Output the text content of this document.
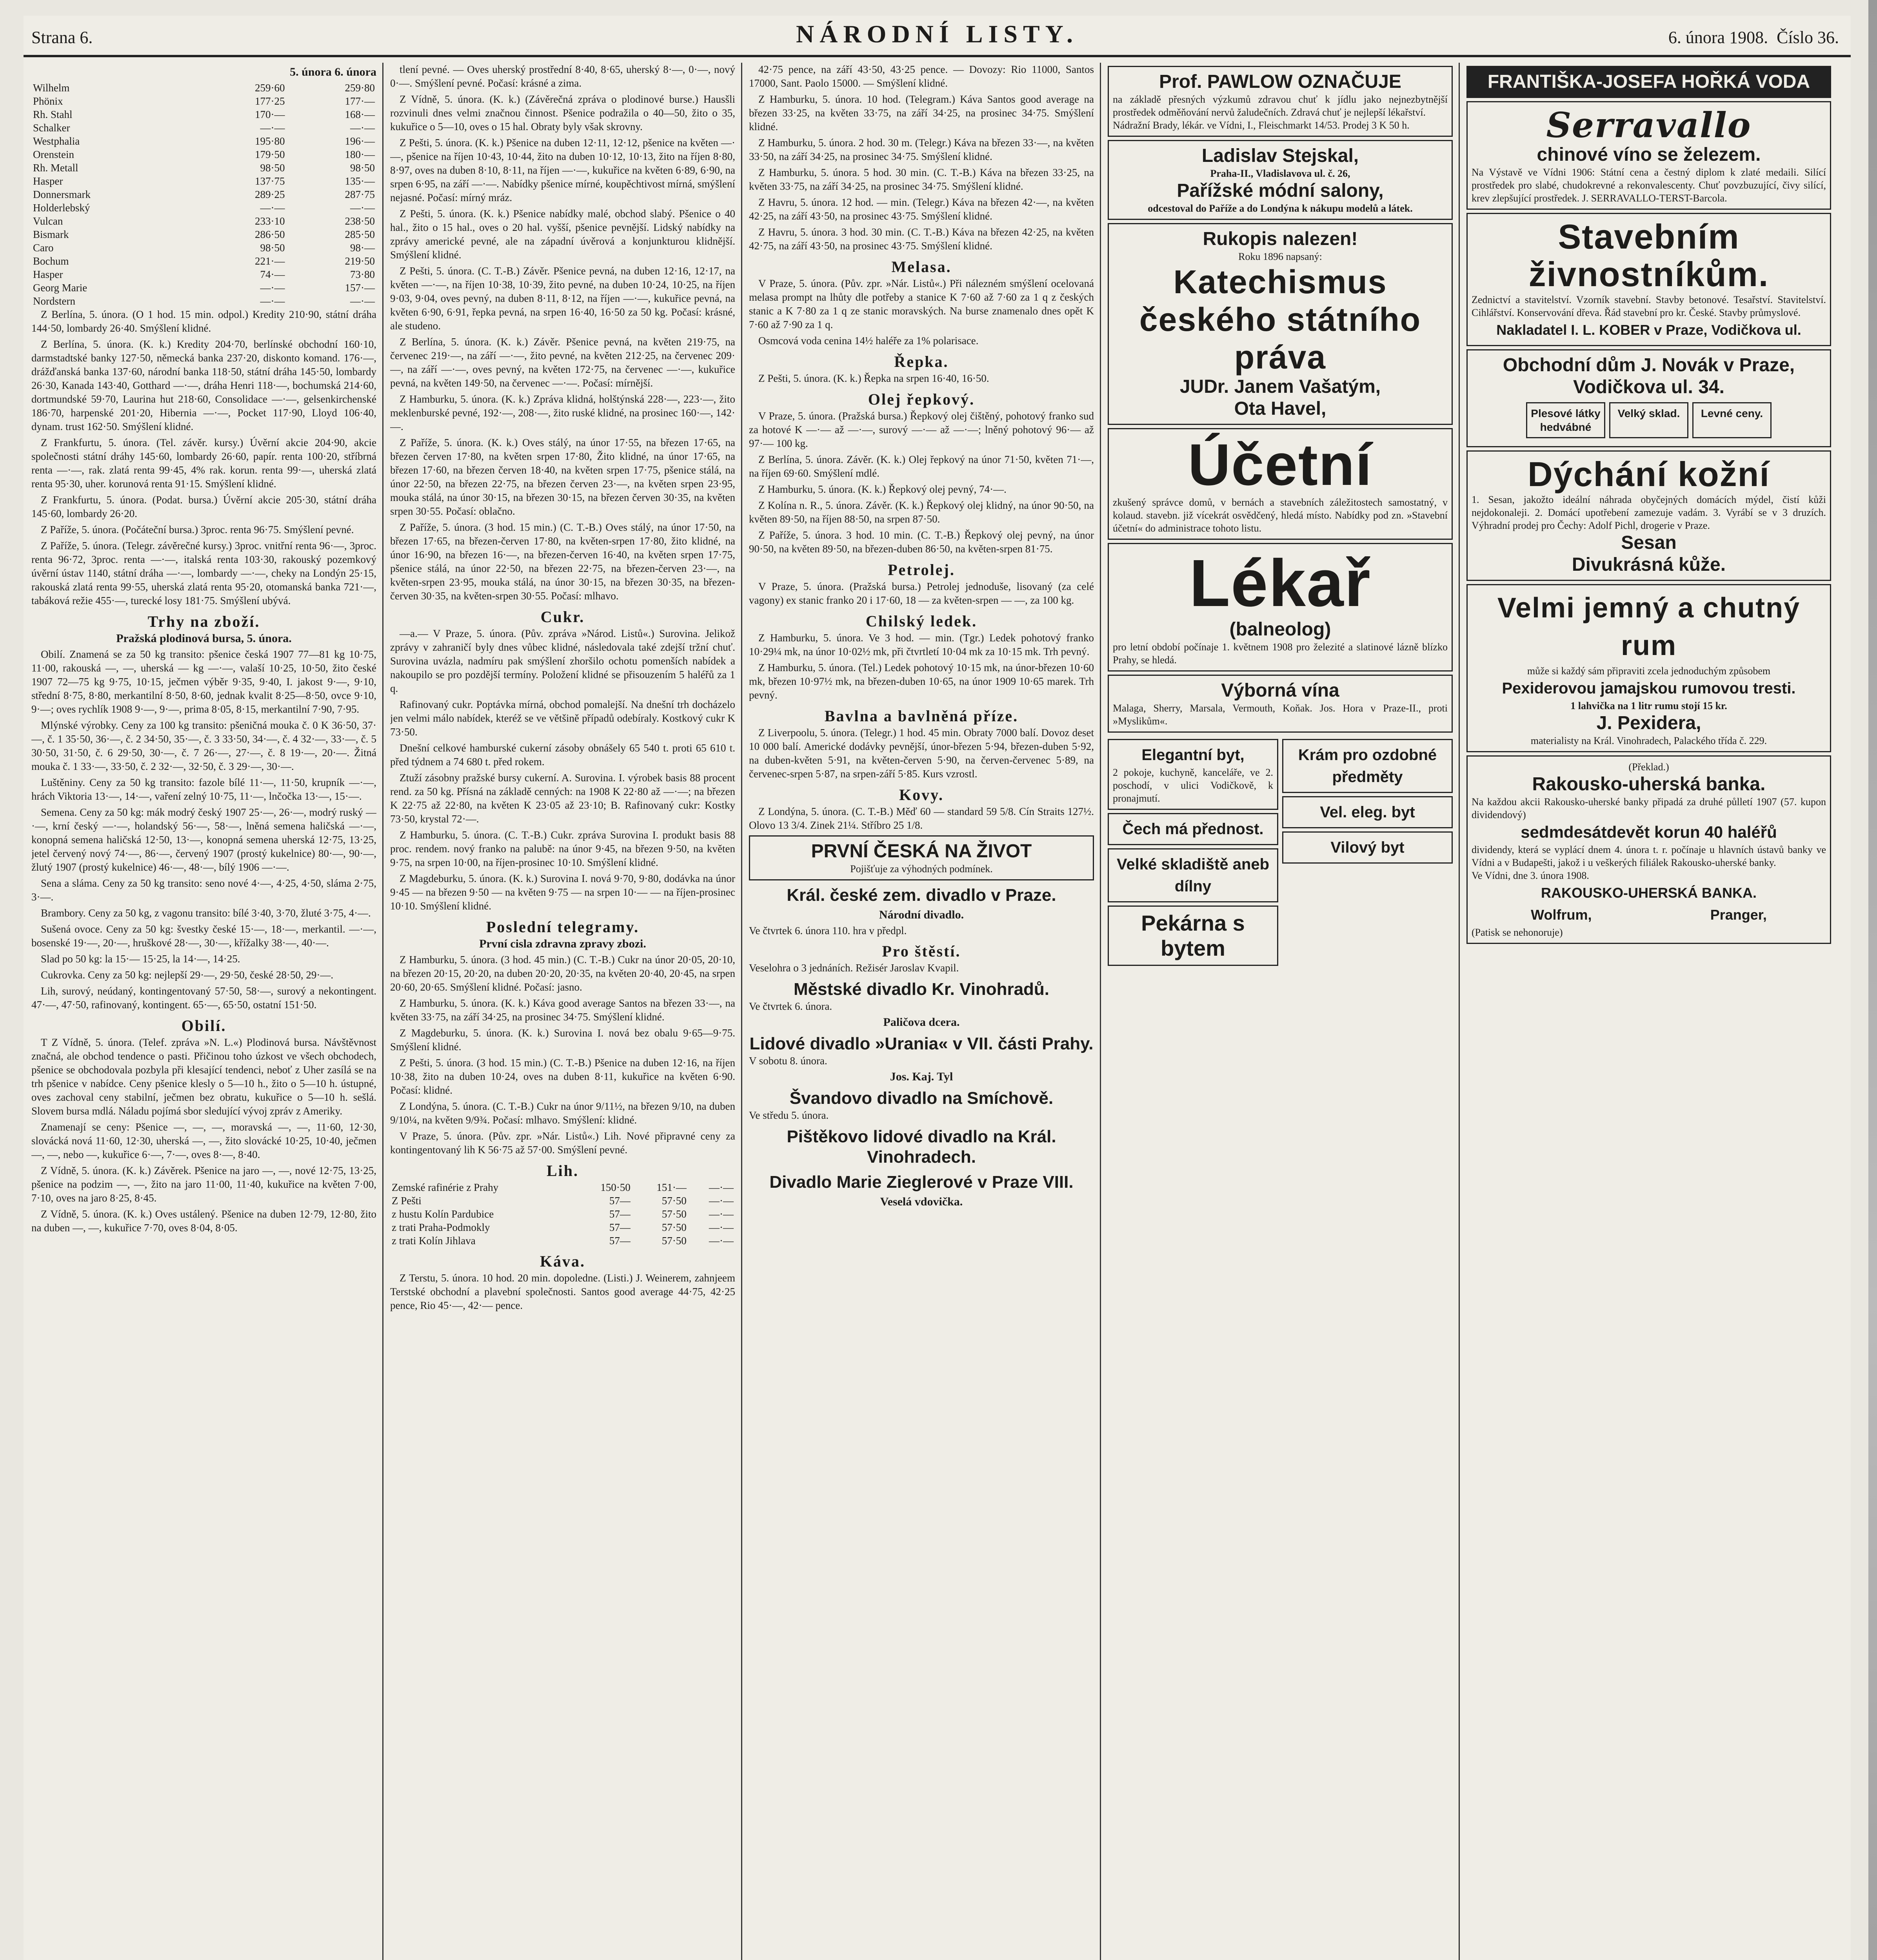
Strana 6.	NÁRODNÍ LISTY.	6. února 1908. Číslo 36.
5. února 6. února
Wilhelm	259·60	259·80
Phönix	177·25	177·—
Rh. Stahl	170·—	168·—
Schalker	—·—	—·—
Westphalia	195·80	196·—
Orenstein	179·50	180·—
Rh. Metall	98·50	98·50
Hasper	137·75	135·—
Donnersmark	289·25	287·75
Holderlebský	—·—	—·—
Vulcan	233·10	238·50
Bismark	286·50	285·50
Caro	98·50	98·—
Bochum	221·—	219·50
Hasper	74·—	73·80
Georg Marie	—·—	157·—
Nordstern	—·—	—·—

Z Berlína, 5. února. (O 1 hod. 15 min. odpol.) Kredity 210·90, státní dráha 144·50, lombardy 26·40. Smýšlení klidné.

Z Berlína, 5. února. (K. k.) Kredity 204·70, berlínské obchodní 160·10, darmstadtské banky 127·50, německá banka 237·20, diskonto komand. 176·—, drážďanská banka 137·60, národní banka 118·50, státní dráha 145·50, lombardy 26·30, Kanada 143·40, Gotthard —·—, dráha Henri 118·—, bochumská 214·60, dortmundské 59·70, Laurina hut 218·60, Consolidace —·—, gelsenkirchenské 186·70, harpenské 201·20, Hibernia —·—, Pocket 117·90, Lloyd 106·40, dynam. trust 162·50. Smýšlení klidné.

Z Frankfurtu, 5. února. (Tel. závěr. kursy.) Úvěrní akcie 204·90, akcie společnosti státní dráhy 145·60, lombardy 26·60, papír. renta 100·20, stříbrná renta —·—, rak. zlatá renta 99·45, 4% rak. korun. renta 99·—, uherská zlatá renta 95·30, uher. korunová renta 91·15. Smýšlení klidné.

Z Frankfurtu, 5. února. (Podat. bursa.) Úvěrní akcie 205·30, státní dráha 145·60, lombardy 26·20.

Z Paříže, 5. února. (Počáteční bursa.) 3proc. renta 96·75. Smýšlení pevné.

Z Paříže, 5. února. (Telegr. závěrečné kursy.) 3proc. vnitřní renta 96·—, 3proc. renta 96·72, 3proc. renta —·—, italská renta 103·30, rakouský pozemkový úvěrní ústav 1140, státní dráha —·—, lombardy —·—, cheky na Londýn 25·15, rakouská zlatá renta 99·55, uherská zlatá renta 95·20, otomanská banka 721·—, tabáková režie 455·—, turecké losy 181·75. Smýšlení ubývá.

Trhy na zboží.
Pražská plodinová bursa, 5. února.

Obilí. Znamená se za 50 kg transito: pšenice česká 1907 77—81 kg 10·75, 11·00, rakouská —, —, uherská — kg —·—, valaší 10·25, 10·50, žito české 1907 72—75 kg 9·75, 10·15, ječmen výběr 9·35, 9·40, I. jakost 9·—, 9·10, střední 8·75, 8·80, merkantilní 8·50, 8·60, jednak kvalit 8·25—8·50, ovce 9·10, 9·—; oves rychlík 1908 9·—, 9·—, prima 8·05, 8·15, merkantilní 7·90, 7·95.

Mlýnské výrobky. Ceny za 100 kg transito: pšeničná mouka č. 0 K 36·50, 37·—, č. 1 35·50, 36·—, č. 2 34·50, 35·—, č. 3 33·50, 34·—, č. 4 32·—, 33·—, č. 5 30·50, 31·50, č. 6 29·50, 30·—, č. 7 26·—, 27·—, č. 8 19·—, 20·—. Žitná mouka č. 1 33·—, 33·50, č. 2 32·—, 32·50, č. 3 29·—, 30·—.

Luštěniny. Ceny za 50 kg transito: fazole bílé 11·—, 11·50, krupník —·—, hrách Viktoria 13·—, 14·—, vaření zelný 10·75, 11·—, lnčočka 13·—, 15·—.

Semena. Ceny za 50 kg: mák modrý český 1907 25·—, 26·—, modrý ruský —·—, krní český —·—, holandský 56·—, 58·—, lněná semena haličská —·—, konopná semena haličská 12·50, 13·—, konopná semena uherská 12·75, 13·25, jetel červený nový 74·—, 86·—, červený 1907 (prostý kukelnice) 80·—, 90·—, žlutý 1907 (prostý kukelnice) 46·—, 48·—, bílý 1906 —·—.

Sena a sláma. Ceny za 50 kg transito: seno nové 4·—, 4·25, 4·50, sláma 2·75, 3·—.

Brambory. Ceny za 50 kg, z vagonu transito: bílé 3·40, 3·70, žluté 3·75, 4·—.

Sušená ovoce. Ceny za 50 kg: švestky české 15·—, 18·—, merkantil. —·—, bosenské 19·—, 20·—, hruškové 28·—, 30·—, křížalky 38·—, 40·—.

Slad po 50 kg: la 15·— 15·25, la 14·—, 14·25.

Cukrovka. Ceny za 50 kg: nejlepší 29·—, 29·50, české 28·50, 29·—.

Lih, surový, neúdaný, kontingentovaný 57·50, 58·—, surový a nekontingent. 47·—, 47·50, rafinovaný, kontingent. 65·—, 65·50, ostatní 151·50.

Obilí.

T Z Vídně, 5. února. (Telef. zpráva »N. L.«) Plodinová bursa. Návštěvnost značná, ale obchod tendence o pasti. Přičinou toho úzkost ve všech obchodech, pšenice se obchodovala pozbyla při klesající tendenci, neboť z Uher zasílá se na trh pšenice v nabídce. Ceny pšenice klesly o 5—10 h., žito o 5—10 h. ústupné, oves zachoval ceny stabilní, ječmen bez obratu, kukuřice o 5—10 h. sešlá. Slovem bursa mdlá. Náladu pojímá sbor sledující vývoj zpráv z Ameriky.

Znamenají se ceny: Pšenice —, —, —, moravská —, —, 11·60, 12·30, slovácká nová 11·60, 12·30, uherská —, —, žito slovácké 10·25, 10·40, ječmen —, —, nebo —, kukuřice 6·—, 7·—, oves 8·—, 8·40.

Z Vídně, 5. února. (K. k.) Závěrek. Pšenice na jaro —, —, nové 12·75, 13·25, pšenice na podzim —, —, žito na jaro 11·00, 11·40, kukuřice na květen 7·00, 7·10, oves na jaro 8·25, 8·45.

Z Vídně, 5. února. (K. k.) Oves ustálený. Pšenice na duben 12·79, 12·80, žito na duben —, —, kukuřice 7·70, oves 8·04, 8·05.

tlení pevné. — Oves uherský prostřední 8·40, 8·65, uherský 8·—, 0·—, nový 0·—. Smýšlení pevné. Počasí: krásné a zima.

Z Vídně, 5. února. (K. k.) (Závěrečná zpráva o plodinové burse.) Hausšli rozvinuli dnes velmi značnou činnost. Pšenice podražila o 40—50, žito o 35, kukuřice o 5—10, oves o 15 hal. Obraty byly však skrovny.

Z Pešti, 5. února. (K. k.) Pšenice na duben 12·11, 12·12, pšenice na květen —·—, pšenice na říjen 10·43, 10·44, žito na duben 10·12, 10·13, žito na říjen 8·80, 8·97, oves na duben 8·10, 8·11, na říjen —·—, kukuřice na květen 6·89, 6·90, na srpen 6·95, na září —·—. Nabídky pšenice mírné, koupěchtivost mírná, smýšlení nejasné. Počasí: mírný mráz.

Z Pešti, 5. února. (K. k.) Pšenice nabídky malé, obchod slabý. Pšenice o 40 hal., žito o 15 hal., oves o 20 hal. vyšší, pšenice pevnější. Lidský nabídky na zprávy americké pevné, ale na západní úvěrová a konjunkturou klidnější. Smýšlení klidné.

Z Pešti, 5. února. (C. T.-B.) Závěr. Pšenice pevná, na duben 12·16, 12·17, na květen —·—, na říjen 10·38, 10·39, žito pevné, na duben 10·24, 10·25, na říjen 9·03, 9·04, oves pevný, na duben 8·11, 8·12, na říjen —·—, kukuřice pevná, na květen 6·90, 6·91, řepka pevná, na srpen 16·40, 16·50 za 50 kg. Počasí: krásné, ale studeno.

Z Berlína, 5. února. (K. k.) Závěr. Pšenice pevná, na květen 219·75, na červenec 219·—, na září —·—, žito pevné, na květen 212·25, na červenec 209·—, na září —·—, oves pevný, na květen 172·75, na červenec —·—, kukuřice pevná, na květen 149·50, na červenec —·—. Počasí: mírnější.

Z Hamburku, 5. února. (K. k.) Zpráva klidná, holštýnská 228·—, 223·—, žito meklenburské pevné, 192·—, 208·—, žito ruské klidné, na prosinec 160·—, 142·—.

Z Paříže, 5. února. (K. k.) Oves stálý, na únor 17·55, na březen 17·65, na březen červen 17·80, na květen srpen 17·80, Žito klidné, na únor 17·65, na březen 17·60, na březen červen 18·40, na květen srpen 17·75, pšenice stálá, na únor 22·50, na březen 22·75, na březen červen 23·—, na květen srpen 23·95, mouka stálá, na únor 30·15, na březen 30·15, na březen červen 30·35, na květen srpen 30·55. Počasí: oblačno.

Z Paříže, 5. února. (3 hod. 15 min.) (C. T.-B.) Oves stálý, na únor 17·50, na březen 17·65, na březen-červen 17·80, na květen-srpen 17·80, žito klidné, na únor 16·90, na březen 16·—, na březen-červen 16·40, na květen srpen 17·75, pšenice stálá, na únor 22·50, na březen 22·75, na březen-červen 23·—, na květen-srpen 23·95, mouka stálá, na únor 30·15, na březen 30·35, na březen-červen 30·35, na květen-srpen 30·55. Počasí: mlhavo.

Cukr.

—a.— V Praze, 5. února. (Pův. zpráva »Národ. Listů«.) Surovina. Jelikož zprávy v zahraničí byly dnes vůbec klidné, následovala také zdejší tržní chuť. Surovina uvázla, nadmíru pak smýšlení zhoršilo ochotu pomenších nabídek a nakoupilo se pro pozdější termíny. Položení klidné se přisouzením 5 haléřů za 1 q.

Rafinovaný cukr. Poptávka mírná, obchod pomalejší. Na dnešní trh docházelo jen velmi málo nabídek, kteréž se ve většině případů odebíraly. Kostkový cukr K 73·50.

Dnešní celkové hamburské cukerní zásoby obnášely 65 540 t. proti 65 610 t. před týdnem a 74 680 t. před rokem.

Ztuží zásobny pražské bursy cukerní. A. Surovina. I. výrobek basis 88 procent rend. za 50 kg. Přísná na základě cenných: na 1908 K 22·80 až —·—; na březen K 22·75 až 22·80, na květen K 23·05 až 23·10; B. Rafinovaný cukr: Kostky 73·50, krystal 72·—.

Z Hamburku, 5. února. (C. T.-B.) Cukr. zpráva Surovina I. produkt basis 88 proc. rendem. nový franko na palubě: na únor 9·45, na březen 9·50, na květen 9·75, na srpen 10·00, na říjen-prosinec 10·10. Smýšlení klidné.

Z Magdeburku, 5. února. (K. k.) Surovina I. nová 9·70, 9·80, dodávka na únor 9·45 — na březen 9·50 — na květen 9·75 — na srpen 10·— — na říjen-prosinec 10·10. Smýšlení klidné.

Poslední telegramy.
První cisla zdravna zpravy zbozi.

Z Hamburku, 5. února. (3 hod. 45 min.) (C. T.-B.) Cukr na únor 20·05, 20·10, na březen 20·15, 20·20, na duben 20·20, 20·35, na květen 20·40, 20·45, na srpen 20·60, 20·65. Smýšlení klidné. Počasí: jasno.

Z Hamburku, 5. února. (K. k.) Káva good average Santos na březen 33·—, na květen 33·75, na září 34·25, na prosinec 34·75. Smýšlení klidné.

Z Magdeburku, 5. února. (K. k.) Surovina I. nová bez obalu 9·65—9·75. Smýšlení klidné.

Z Pešti, 5. února. (3 hod. 15 min.) (C. T.-B.) Pšenice na duben 12·16, na říjen 10·38, žito na duben 10·24, oves na duben 8·11, kukuřice na květen 6·90. Počasí: klidné.

Z Londýna, 5. února. (C. T.-B.) Cukr na únor 9/11½, na březen 9/10, na duben 9/10¼, na květen 9/9¾. Počasí: mlhavo. Smýšlení: klidné.

V Praze, 5. února. (Pův. zpr. »Nár. Listů«.) Lih. Nové připravné ceny za kontingentovaný lih K 56·75 až 57·00. Smýšlení pevné.

Lih.
Zemské rafinérie z Prahy	150·50	151·—	—·—
Z Pešti	57—	57·50	—·—
z hustu Kolín Pardubice	57—	57·50	—·—
z trati Praha-Podmokly	57—	57·50	—·—
z trati Kolín Jihlava	57—	57·50	—·—
Káva.

Z Terstu, 5. února. 10 hod. 20 min. dopoledne. (Listi.) J. Weinerem, zahnjeem Terstské obchodní a plavební společnosti. Santos good average 44·75, 42·25 pence, Rio 45·—, 42·— pence.

42·75 pence, na září 43·50, 43·25 pence. — Dovozy: Rio 11000, Santos 17000, Sant. Paolo 15000. — Smýšlení klidné.

Z Hamburku, 5. února. 10 hod. (Telegram.) Káva Santos good average na březen 33·25, na květen 33·75, na září 34·25, na prosinec 34·75. Smýšlení klidné.

Z Hamburku, 5. února. 2 hod. 30 m. (Telegr.) Káva na březen 33·—, na květen 33·50, na září 34·25, na prosinec 34·75. Smýšlení klidné.

Z Hamburku, 5. února. 5 hod. 30 min. (C. T.-B.) Káva na březen 33·25, na květen 33·75, na září 34·25, na prosinec 34·75. Smýšlení klidné.

Z Havru, 5. února. 12 hod. — min. (Telegr.) Káva na březen 42·—, na květen 42·25, na září 43·50, na prosinec 43·75. Smýšlení klidné.

Z Havru, 5. února. 3 hod. 30 min. (C. T.-B.) Káva na březen 42·25, na květen 42·75, na září 43·50, na prosinec 43·75. Smýšlení klidné.

Melasa.

V Praze, 5. února. (Pův. zpr. »Nár. Listů«.) Při nálezném smýšlení ocelovaná melasa prompt na lhůty dle potřeby a stanice K 7·60 až 7·60 za 1 q z českých stanic a K 7·80 za 1 q ze stanic moravských. Na burse znamenalo dnes opět K 7·60 až 7·90 za 1 q.

Osmcová voda cenina 14½ haléře za 1% polarisace.

Řepka.

Z Pešti, 5. února. (K. k.) Řepka na srpen 16·40, 16·50.

Olej řepkový.

V Praze, 5. února. (Pražská bursa.) Řepkový olej čištěný, pohotový franko sud za hotové K —·— až —·—, surový —·— až —·—; lněný pohotový 96·— až 97·— 100 kg.

Z Berlína, 5. února. Závěr. (K. k.) Olej řepkový na únor 71·50, květen 71·—, na říjen 69·60. Smýšlení mdlé.

Z Hamburku, 5. února. (K. k.) Řepkový olej pevný, 74·—.

Z Kolína n. R., 5. února. Závěr. (K. k.) Řepkový olej klidný, na únor 90·50, na květen 89·50, na říjen 88·50, na srpen 87·50.

Z Paříže, 5. února. 3 hod. 10 min. (C. T.-B.) Řepkový olej pevný, na únor 90·50, na květen 89·50, na březen-duben 86·50, na květen-srpen 81·75.

Petrolej.

V Praze, 5. února. (Pražská bursa.) Petrolej jednoduše, lisovaný (za celé vagony) ex stanic franko 20 i 17·60, 18 — za květen-srpen — —, za 100 kg.

Chilský ledek.

Z Hamburku, 5. února. Ve 3 hod. — min. (Tgr.) Ledek pohotový franko 10·29¼ mk, na únor 10·02½ mk, při čtvrtletí 10·04 mk za 10·15 mk. Trh pevný.

Z Hamburku, 5. února. (Tel.) Ledek pohotový 10·15 mk, na únor-březen 10·60 mk, březen 10·97½ mk, na březen-duben 10·65, na únor 1909 10·65 marek. Trh pevný.

Bavlna a bavlněná příze.

Z Liverpoolu, 5. února. (Telegr.) 1 hod. 45 min. Obraty 7000 balí. Dovoz deset 10 000 balí. Americké dodávky pevnější, únor-březen 5·94, březen-duben 5·92, na duben-květen 5·91, na květen-červen 5·90, na červen-červenec 5·89, na červenec-srpen 5·87, na srpen-září 5·85. Kurs vzrostl.

Kovy.

Z Londýna, 5. února. (C. T.-B.) Měď 60 — standard 59 5/8. Cín Straits 127½. Olovo 13 3/4. Zinek 21¼. Stříbro 25 1/8.

PRVNÍ ČESKÁ NA ŽIVOT
Pojišťuje za výhodných podmínek.
Král. české zem. divadlo v Praze.
Národní divadlo.
Ve čtvrtek 6. února 110. hra v předpl.
Pro štěstí.
Veselohra o 3 jednáních. Režisér Jaroslav Kvapil.
Městské divadlo Kr. Vinohradů.
Ve čtvrtek 6. února.
Paličova dcera.
Lidové divadlo »Urania« v VII. části Prahy.
V sobotu 8. února.
Jos. Kaj. Tyl
Švandovo divadlo na Smíchově.
Ve středu 5. února.
Pištěkovo lidové divadlo na Král. Vinohradech.
Divadlo Marie Zieglerové v Praze VIII.
Veselá vdovička.
Prof. PAWLOW OZNAČUJE
na základě přesných výzkumů zdravou chuť k jídlu jako nejnezbytnější prostředek odměňování nervů žaludečních. Zdravá chuť je nejlepší lékařství.
Nádražní Brady, lékár. ve Vídni, I., Fleischmarkt 14/53. Prodej 3 K 50 h.
Ladislav Stejskal,
Praha-II., Vladislavova ul. č. 26,
Pařížské módní salony,
odcestoval do Paříže a do Londýna k nákupu modelů a látek.
Rukopis nalezen!
Roku 1896 napsaný:
Katechismus českého státního práva
JUDr. Janem Vašatým,
Ota Havel,
Účetní
zkušený správce domů, v bernách a stavebních záležitostech samostatný, v kolaud. stavebn. již vícekrát osvědčený, hledá místo. Nabídky pod zn. »Stavební účetní« do administrace tohoto listu.
Lékař
(balneolog)
pro letní období počínaje 1. květnem 1908 pro železité a slatinové lázně blízko Prahy, se hledá.
Výborná vína
Malaga, Sherry, Marsala, Vermouth, Koňak. Jos. Hora v Praze-II., proti »Myslikům«.
Elegantní byt,
2 pokoje, kuchyně, kanceláře, ve 2. poschodí, v ulici Vodičkově, k pronajmutí.
Čech má přednost.
Velké skladiště aneb dílny
Pekárna s bytem
Krám pro ozdobné předměty
Vel. eleg. byt
Vilový byt
FRANTIŠKA-JOSEFA HOŘKÁ VODA
Serravallo
chinové víno se železem.
Na Výstavě ve Vídni 1906: Státní cena a čestný diplom k zlaté medaili. Silící prostředek pro slabé, chudokrevné a rekonvalescenty. Chuť povzbuzující, čivy silící, krev zlepšující prostředek. J. SERRAVALLO-TERST-Barcola.
Stavebním živnostníkům.
Zednictví a stavitelství. Vzorník stavební. Stavby betonové. Tesařství. Stavitelství. Cihlářství. Konservování dřeva. Řád stavební pro kr. České. Stavby průmyslové.
Nakladatel I. L. KOBER v Praze, Vodičkova ul.
Obchodní dům J. Novák v Praze, Vodičkova ul. 34.
Plesové látky hedvábné
Velký sklad.	Levné ceny.
Dýchání kožní
1. Sesan, jakožto ideální náhrada obyčejných domácích mýdel, čistí kůži nejdokonaleji. 2. Domácí upotřebení zamezuje vadám. 3. Vyrábí se v 3 druzích. Výhradní prodej pro Čechy: Adolf Pichl, drogerie v Praze.
Sesan
Divukrásná kůže.
Velmi jemný a chutný rum
může si každý sám připraviti zcela jednoduchým způsobem
Pexiderovou jamajskou rumovou tresti.
1 lahvička na 1 litr rumu stojí 15 kr.
J. Pexidera,
materialisty na Král. Vinohradech, Palackého třída č. 229.
(Překlad.)
Rakousko-uherská banka.
Na každou akcii Rakousko-uherské banky připadá za druhé půlletí 1907 (57. kupon dividendový)
sedmdesátdevět korun 40 haléřů
dividendy, která se vyplácí dnem 4. února t. r. počínaje u hlavních ústavů banky ve Vídni a v Budapešti, jakož i u veškerých filiálek Rakousko-uherské banky.
Ve Vídni, dne 3. února 1908.
RAKOUSKO-UHERSKÁ BANKA.
Wolfrum,	Pranger,
(Patisk se nehonoruje)
